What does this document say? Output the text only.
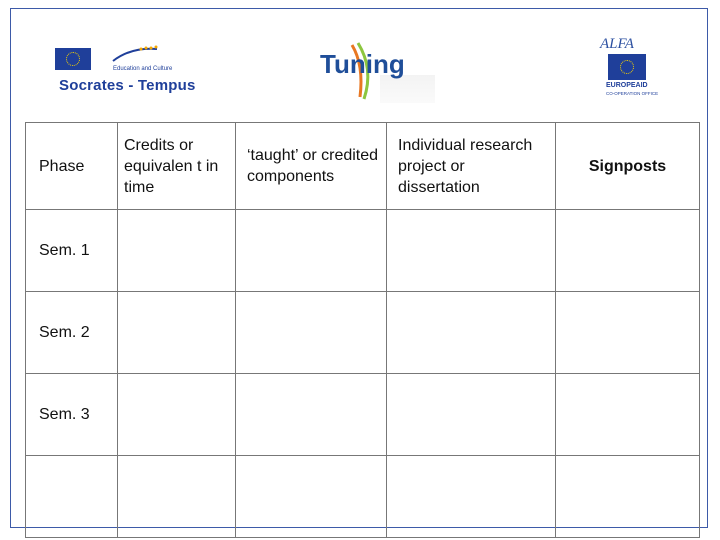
Education and Culture
Socrates - Tempus
Tuning
ALFA
EUROPEAID
CO-OPERATION OFFICE
Phase	Credits or equivalen t in time	‘taught’ or credited components	Individual research project or dissertation	Signposts
Sem. 1				
Sem. 2				
Sem. 3				
